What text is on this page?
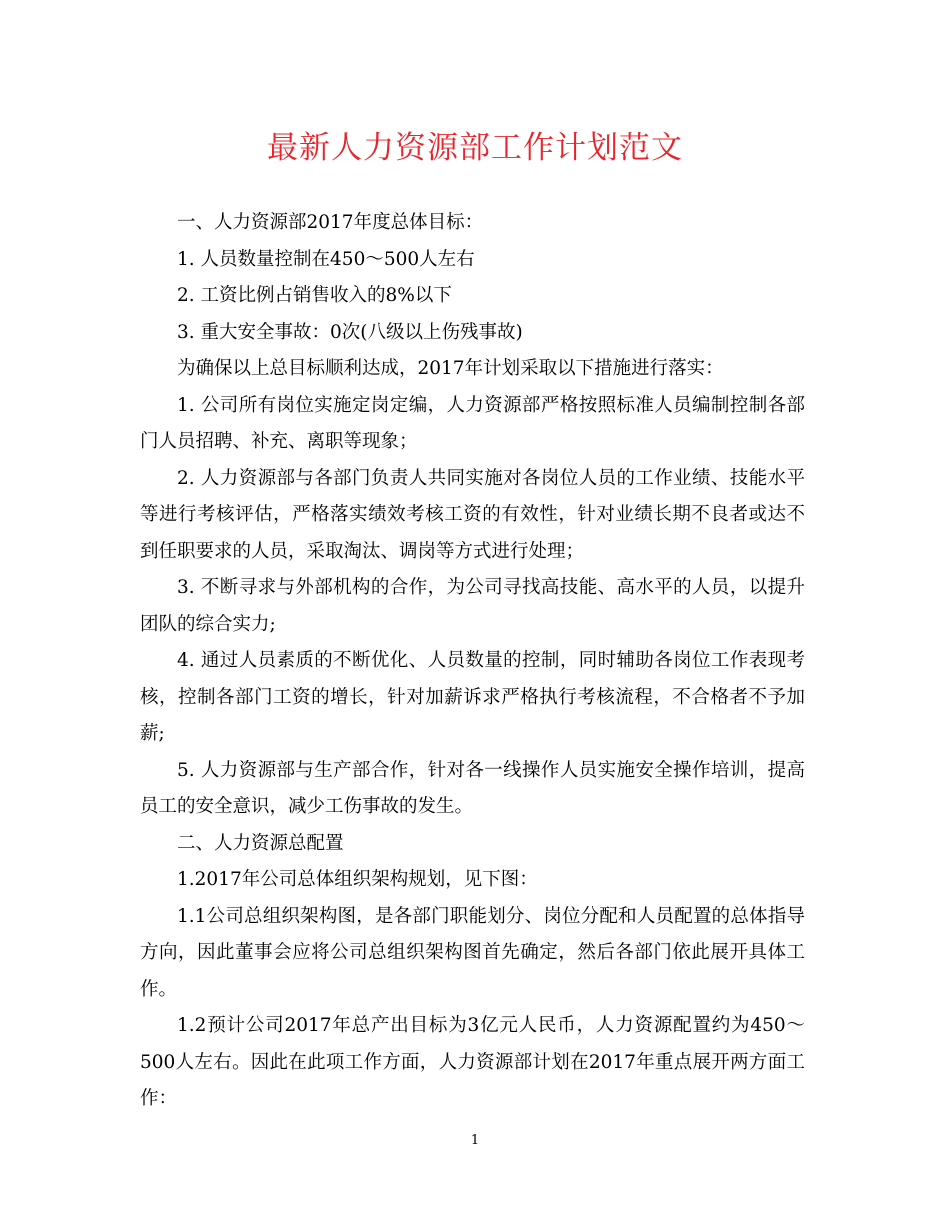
最新人力资源部工作计划范文

一、人力资源部2017年度总体目标：

1. 人员数量控制在450～500人左右

2. 工资比例占销售收入的8%以下

3. 重大安全事故：0次(八级以上伤残事故)

为确保以上总目标顺利达成，2017年计划采取以下措施进行落实：

1. 公司所有岗位实施定岗定编，人力资源部严格按照标准人员编制控制各部门人员招聘、补充、离职等现象；

2. 人力资源部与各部门负责人共同实施对各岗位人员的工作业绩、技能水平等进行考核评估，严格落实绩效考核工资的有效性，针对业绩长期不良者或达不到任职要求的人员，采取淘汰、调岗等方式进行处理；

3. 不断寻求与外部机构的合作，为公司寻找高技能、高水平的人员，以提升团队的综合实力;

4. 通过人员素质的不断优化、人员数量的控制，同时辅助各岗位工作表现考核，控制各部门工资的增长，针对加薪诉求严格执行考核流程，不合格者不予加薪;

5. 人力资源部与生产部合作，针对各一线操作人员实施安全操作培训，提高员工的安全意识，减少工伤事故的发生。

二、人力资源总配置

1.2017年公司总体组织架构规划，见下图：

1.1公司总组织架构图，是各部门职能划分、岗位分配和人员配置的总体指导方向，因此董事会应将公司总组织架构图首先确定，然后各部门依此展开具体工作。

1.2预计公司2017年总产出目标为3亿元人民币，人力资源配置约为450～500人左右。因此在此项工作方面，人力资源部计划在2017年重点展开两方面工作：

1
